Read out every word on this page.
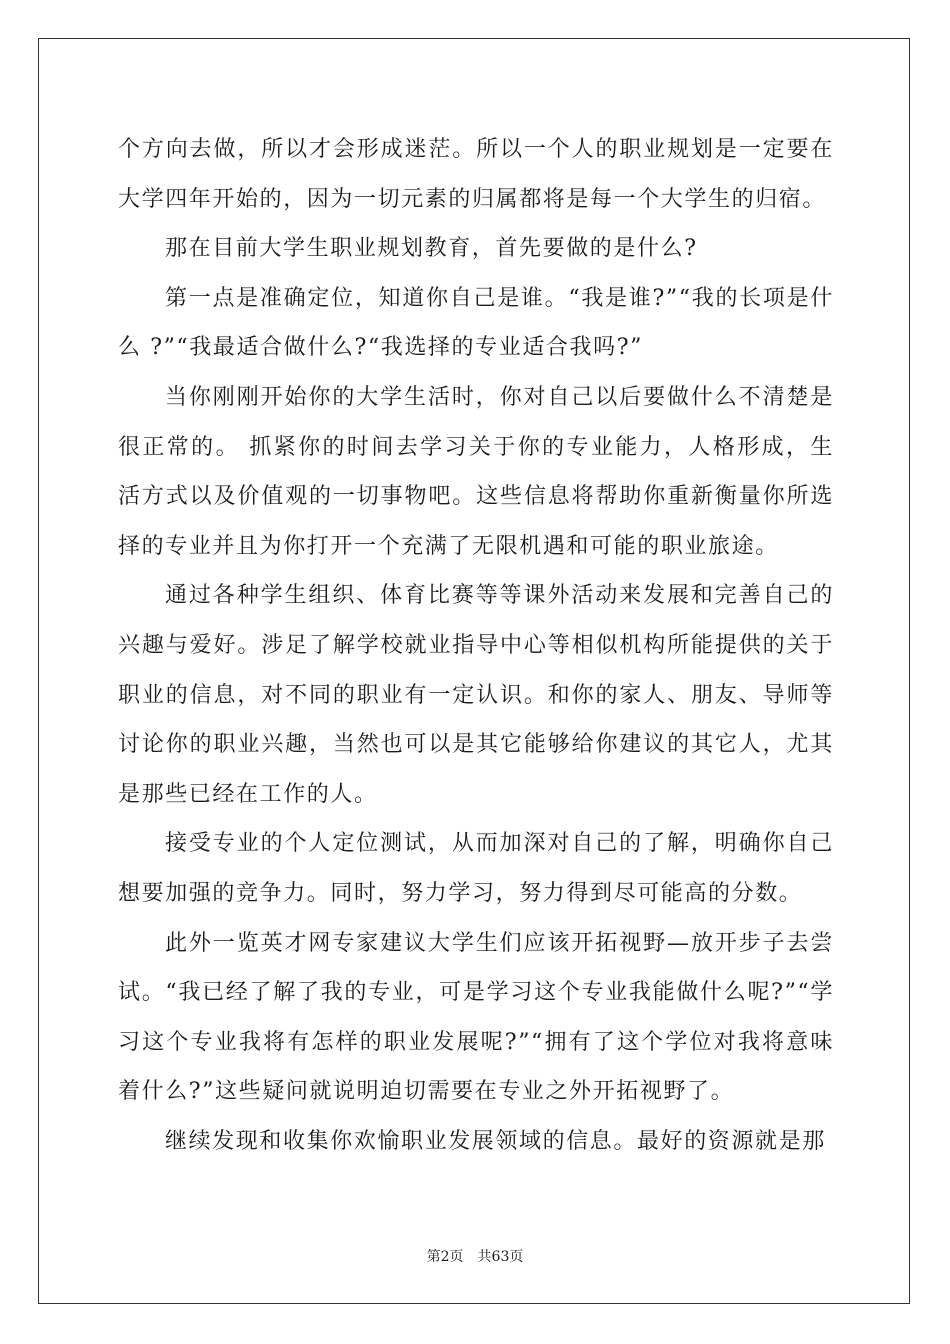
个方向去做，所以才会形成迷茫。所以一个人的职业规划是一定要在大学四年开始的，因为一切元素的归属都将是每一个大学生的归宿。

那在目前大学生职业规划教育，首先要做的是什么?

第一点是准确定位，知道你自己是谁。“我是谁?”“我的长项是什么 ?”“我最适合做什么?“我选择的专业适合我吗?”

当你刚刚开始你的大学生活时，你对自己以后要做什么不清楚是很正常的。 抓紧你的时间去学习关于你的专业能力，人格形成，生活方式以及价值观的一切事物吧。这些信息将帮助你重新衡量你所选择的专业并且为你打开一个充满了无限机遇和可能的职业旅途。

通过各种学生组织、体育比赛等等课外活动来发展和完善自己的兴趣与爱好。涉足了解学校就业指导中心等相似机构所能提供的关于职业的信息，对不同的职业有一定认识。和你的家人、朋友、导师等讨论你的职业兴趣，当然也可以是其它能够给你建议的其它人，尤其是那些已经在工作的人。

接受专业的个人定位测试，从而加深对自己的了解，明确你自己想要加强的竞争力。同时，努力学习，努力得到尽可能高的分数。

此外一览英才网专家建议大学生们应该开拓视野—放开步子去尝试。“我已经了解了我的专业，可是学习这个专业我能做什么呢?”“学习这个专业我将有怎样的职业发展呢?”“拥有了这个学位对我将意味着什么?”这些疑问就说明迫切需要在专业之外开拓视野了。

继续发现和收集你欢愉职业发展领域的信息。最好的资源就是那

第2页 共63页
